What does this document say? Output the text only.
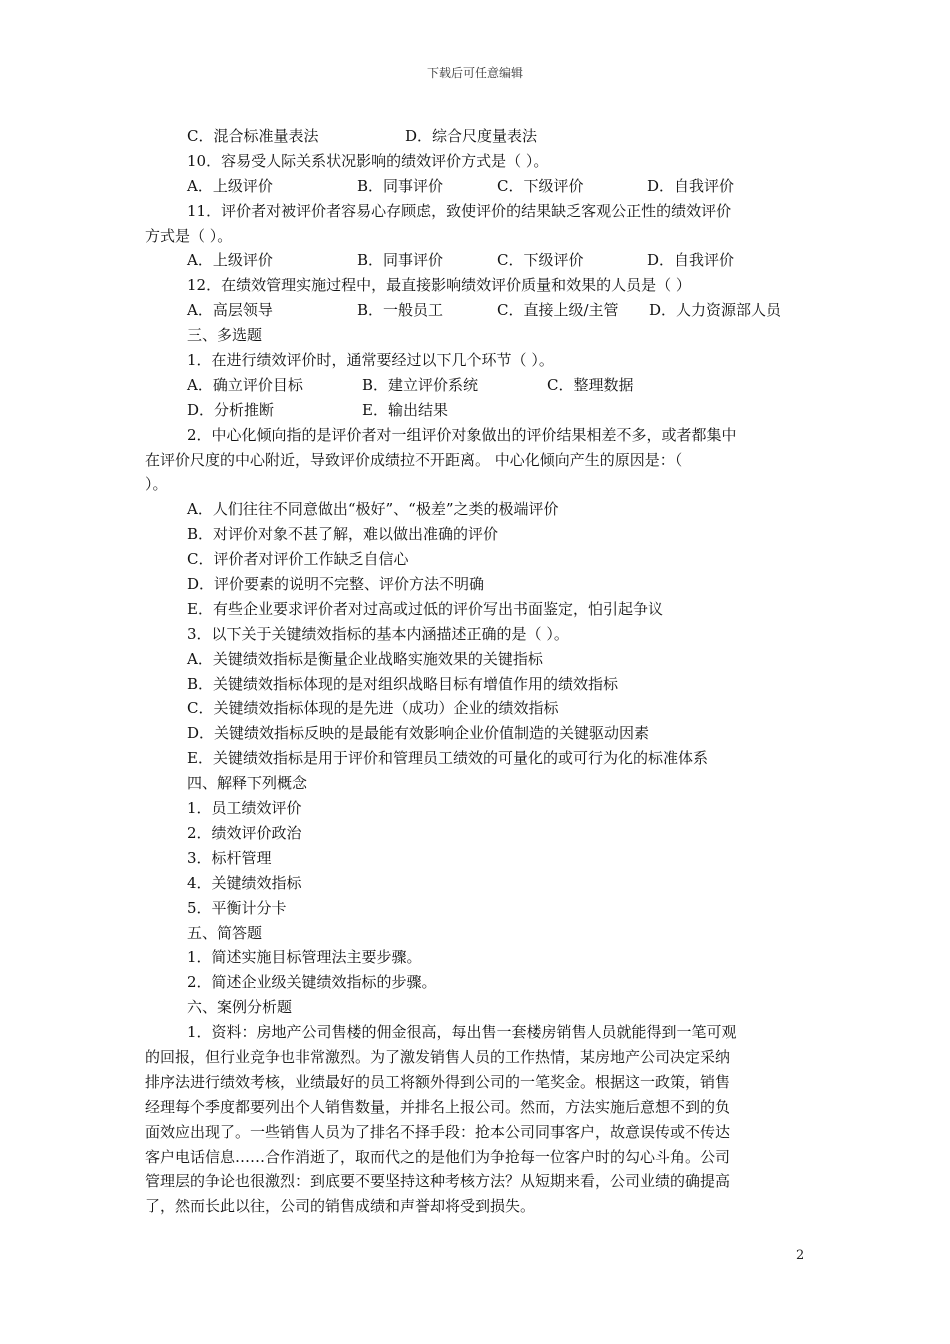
下载后可任意编辑
C．混合标准量表法	D．综合尺度量表法
10．容易受人际关系状况影响的绩效评价方式是（ ）。
A．上级评价	B．同事评价	C．下级评价	D．自我评价
11．评价者对被评价者容易心存顾虑，致使评价的结果缺乏客观公正性的绩效评价
方式是（ ）。
A．上级评价	B．同事评价	C．下级评价	D．自我评价
12．在绩效管理实施过程中，最直接影响绩效评价质量和效果的人员是（ ）
A．高层领导	B．一般员工	C．直接上级/主管 D．人力资源部人员
三、多选题
1．在进行绩效评价时，通常要经过以下几个环节（ ）。
A．确立评价目标	B．建立评价系统	C．整理数据
D．分析推断	E．输出结果
2．中心化倾向指的是评价者对一组评价对象做出的评价结果相差不多，或者都集中
在评价尺度的中心附近，导致评价成绩拉不开距离。 中心化倾向产生的原因是：（
）。
A．人们往往不同意做出“极好”、“极差”之类的极端评价
B．对评价对象不甚了解，难以做出准确的评价
C．评价者对评价工作缺乏自信心
D．评价要素的说明不完整、评价方法不明确
E．有些企业要求评价者对过高或过低的评价写出书面鉴定，怕引起争议
3．以下关于关键绩效指标的基本内涵描述正确的是（ ）。
A．关键绩效指标是衡量企业战略实施效果的关键指标
B．关键绩效指标体现的是对组织战略目标有增值作用的绩效指标
C．关键绩效指标体现的是先进（成功）企业的绩效指标
D．关键绩效指标反映的是最能有效影响企业价值制造的关键驱动因素
E．关键绩效指标是用于评价和管理员工绩效的可量化的或可行为化的标准体系
四、解释下列概念
1．员工绩效评价
2．绩效评价政治
3．标杆管理
4．关键绩效指标
5．平衡计分卡
五、简答题
1．简述实施目标管理法主要步骤。
2．简述企业级关键绩效指标的步骤。
六、案例分析题
1．资料：房地产公司售楼的佣金很高，每出售一套楼房销售人员就能得到一笔可观
的回报，但行业竞争也非常激烈。为了激发销售人员的工作热情，某房地产公司决定采纳
排序法进行绩效考核，业绩最好的员工将额外得到公司的一笔奖金。根据这一政策，销售
经理每个季度都要列出个人销售数量，并排名上报公司。然而，方法实施后意想不到的负
面效应出现了。一些销售人员为了排名不择手段：抢本公司同事客户，故意误传或不传达
客户电话信息……合作消逝了，取而代之的是他们为争抢每一位客户时的勾心斗角。公司
管理层的争论也很激烈：到底要不要坚持这种考核方法？从短期来看，公司业绩的确提高
了，然而长此以往，公司的销售成绩和声誉却将受到损失。
2
